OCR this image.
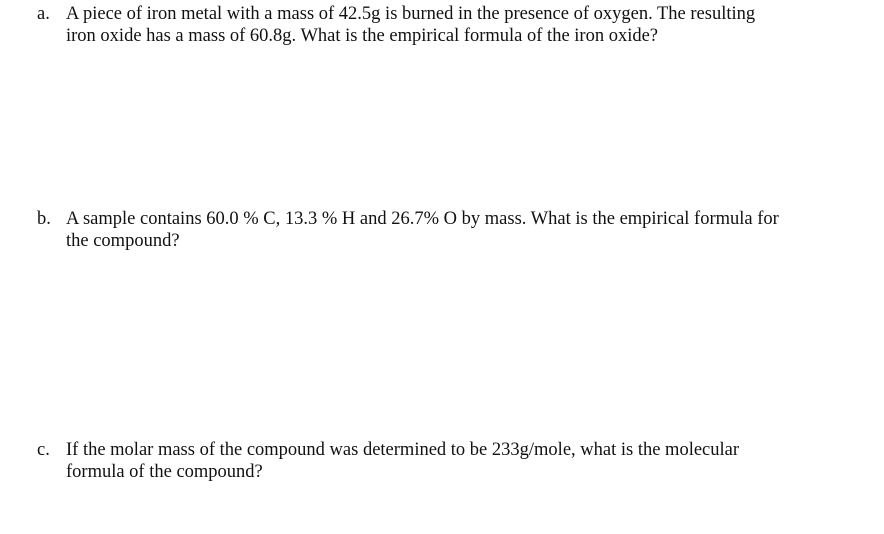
a. A piece of iron metal with a mass of 42.5g is burned in the presence of oxygen. The resulting
iron oxide has a mass of 60.8g. What is the empirical formula of the iron oxide?
b. A sample contains 60.0 % C, 13.3 % H and 26.7% O by mass. What is the empirical formula for
the compound?
c. If the molar mass of the compound was determined to be 233g/mole, what is the molecular
formula of the compound?
